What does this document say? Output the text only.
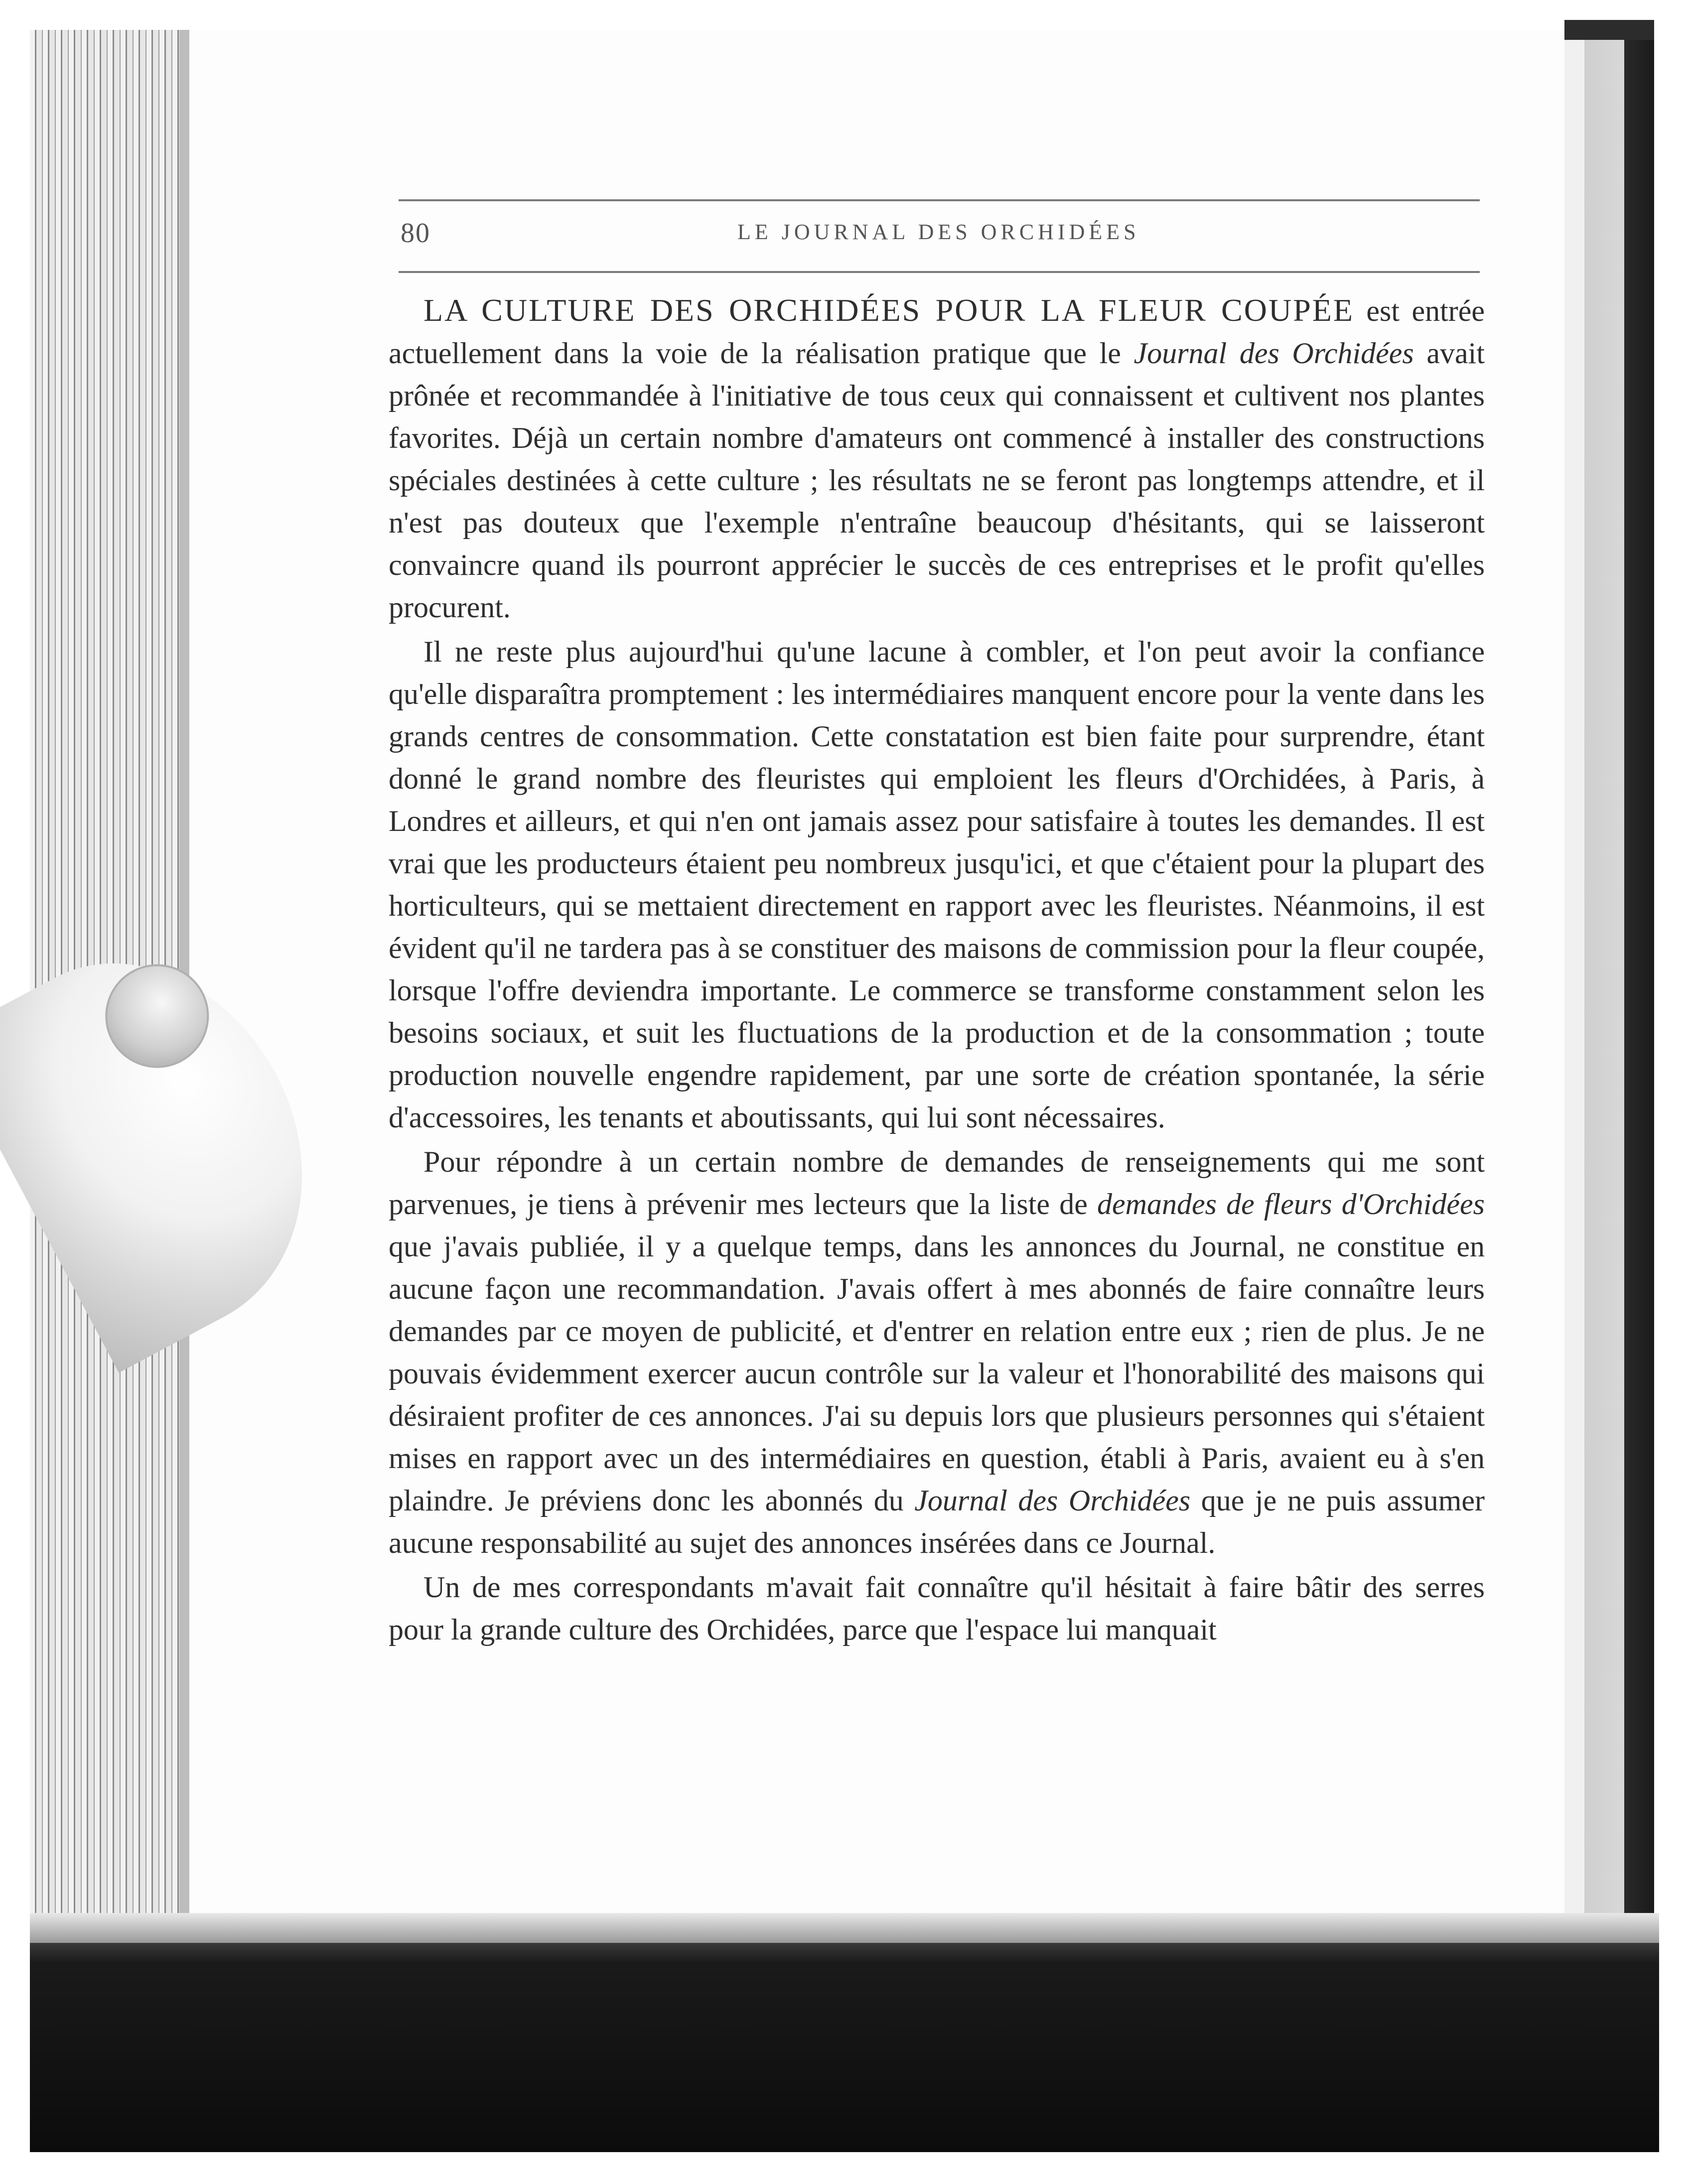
80	LE JOURNAL DES ORCHIDÉES

LA CULTURE DES ORCHIDÉES POUR LA FLEUR COUPÉE est entrée actuellement dans la voie de la réalisation pratique que le Journal des Orchidées avait prônée et recommandée à l'initiative de tous ceux qui connaissent et cultivent nos plantes favorites. Déjà un certain nombre d'amateurs ont commencé à installer des constructions spéciales destinées à cette culture ; les résultats ne se feront pas longtemps attendre, et il n'est pas douteux que l'exemple n'entraîne beaucoup d'hésitants, qui se laisseront convaincre quand ils pourront apprécier le succès de ces entreprises et le profit qu'elles procurent.

Il ne reste plus aujourd'hui qu'une lacune à combler, et l'on peut avoir la confiance qu'elle disparaîtra promptement : les intermédiaires manquent encore pour la vente dans les grands centres de consommation. Cette constatation est bien faite pour surprendre, étant donné le grand nombre des fleuristes qui emploient les fleurs d'Orchidées, à Paris, à Londres et ailleurs, et qui n'en ont jamais assez pour satisfaire à toutes les demandes. Il est vrai que les producteurs étaient peu nombreux jusqu'ici, et que c'étaient pour la plupart des horticulteurs, qui se mettaient directement en rapport avec les fleuristes. Néanmoins, il est évident qu'il ne tardera pas à se constituer des maisons de commission pour la fleur coupée, lorsque l'offre deviendra importante. Le commerce se transforme constamment selon les besoins sociaux, et suit les fluctuations de la production et de la consommation ; toute production nouvelle engendre rapidement, par une sorte de création spontanée, la série d'accessoires, les tenants et aboutissants, qui lui sont nécessaires.

Pour répondre à un certain nombre de demandes de renseignements qui me sont parvenues, je tiens à prévenir mes lecteurs que la liste de demandes de fleurs d'Orchidées que j'avais publiée, il y a quelque temps, dans les annonces du Journal, ne constitue en aucune façon une recommandation. J'avais offert à mes abonnés de faire connaître leurs demandes par ce moyen de publicité, et d'entrer en relation entre eux ; rien de plus. Je ne pouvais évidemment exercer aucun contrôle sur la valeur et l'honorabilité des maisons qui désiraient profiter de ces annonces. J'ai su depuis lors que plusieurs personnes qui s'étaient mises en rapport avec un des intermédiaires en question, établi à Paris, avaient eu à s'en plaindre. Je préviens donc les abonnés du Journal des Orchidées que je ne puis assumer aucune responsabilité au sujet des annonces insérées dans ce Journal.

Un de mes correspondants m'avait fait connaître qu'il hésitait à faire bâtir des serres pour la grande culture des Orchidées, parce que l'espace lui manquait
